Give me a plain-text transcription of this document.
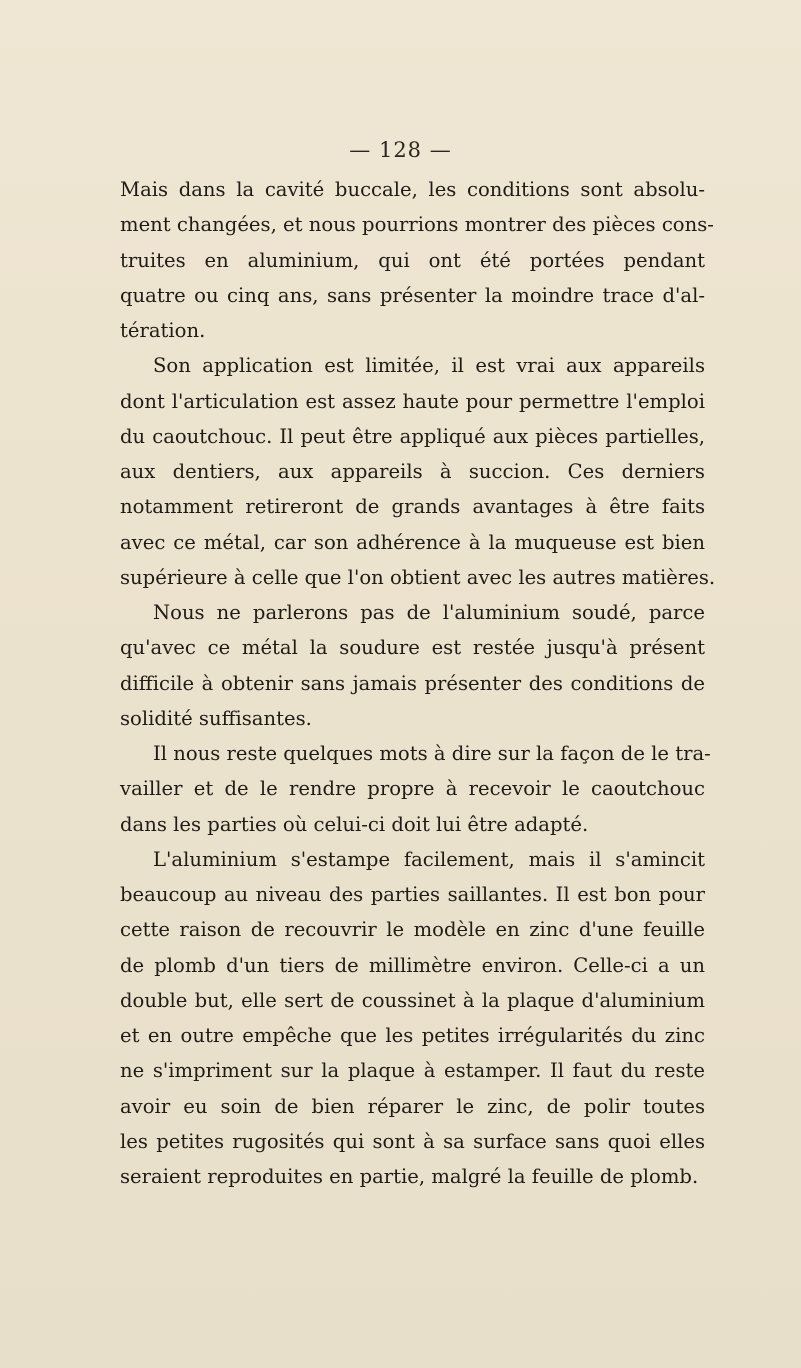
— 128 —
Mais dans la cavité buccale, les conditions sont absolu-
ment changées, et nous pourrions montrer des pièces cons-
truites en aluminium, qui ont été portées pendant
quatre ou cinq ans, sans présenter la moindre trace d'al-
tération.
Son application est limitée, il est vrai aux appareils
dont l'articulation est assez haute pour permettre l'emploi
du caoutchouc. Il peut être appliqué aux pièces partielles,
aux dentiers, aux appareils à succion. Ces derniers
notamment retireront de grands avantages à être faits
avec ce métal, car son adhérence à la muqueuse est bien
supérieure à celle que l'on obtient avec les autres matières.
Nous ne parlerons pas de l'aluminium soudé, parce
qu'avec ce métal la soudure est restée jusqu'à présent
difficile à obtenir sans jamais présenter des conditions de
solidité suffisantes.
Il nous reste quelques mots à dire sur la façon de le tra-
vailler et de le rendre propre à recevoir le caoutchouc
dans les parties où celui-ci doit lui être adapté.
L'aluminium s'estampe facilement, mais il s'amincit
beaucoup au niveau des parties saillantes. Il est bon pour
cette raison de recouvrir le modèle en zinc d'une feuille
de plomb d'un tiers de millimètre environ. Celle-ci a un
double but, elle sert de coussinet à la plaque d'aluminium
et en outre empêche que les petites irrégularités du zinc
ne s'impriment sur la plaque à estamper. Il faut du reste
avoir eu soin de bien réparer le zinc, de polir toutes
les petites rugosités qui sont à sa surface sans quoi elles
seraient reproduites en partie, malgré la feuille de plomb.
